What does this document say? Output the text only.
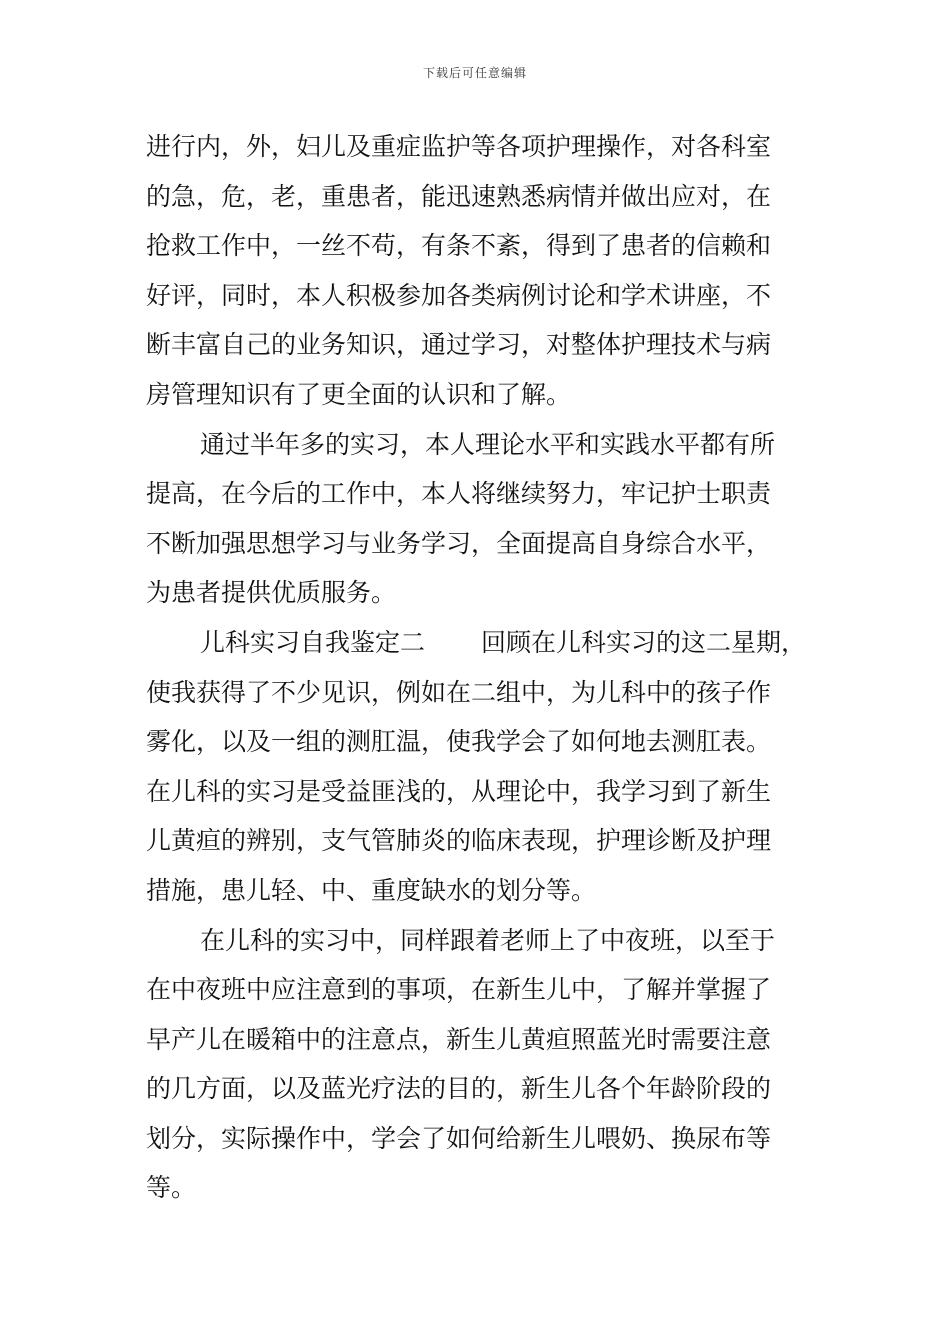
下载后可任意编辑
进行内，外，妇儿及重症监护等各项护理操作，对各科室
的急，危，老，重患者，能迅速熟悉病情并做出应对，在
抢救工作中，一丝不苟，有条不紊，得到了患者的信赖和
好评，同时，本人积极参加各类病例讨论和学术讲座，不
断丰富自己的业务知识，通过学习，对整体护理技术与病
房管理知识有了更全面的认识和了解。
通过半年多的实习，本人理论水平和实践水平都有所
提高，在今后的工作中，本人将继续努力，牢记护士职责
不断加强思想学习与业务学习，全面提高自身综合水平，
为患者提供优质服务。
儿科实习自我鉴定二 回顾在儿科实习的这二星期，
使我获得了不少见识，例如在二组中，为儿科中的孩子作
雾化，以及一组的测肛温，使我学会了如何地去测肛表。
在儿科的实习是受益匪浅的，从理论中，我学习到了新生
儿黄疸的辨别，支气管肺炎的临床表现，护理诊断及护理
措施，患儿轻、中、重度缺水的划分等。
在儿科的实习中，同样跟着老师上了中夜班，以至于
在中夜班中应注意到的事项，在新生儿中，了解并掌握了
早产儿在暖箱中的注意点，新生儿黄疸照蓝光时需要注意
的几方面，以及蓝光疗法的目的，新生儿各个年龄阶段的
划分，实际操作中，学会了如何给新生儿喂奶、换尿布等
等。
